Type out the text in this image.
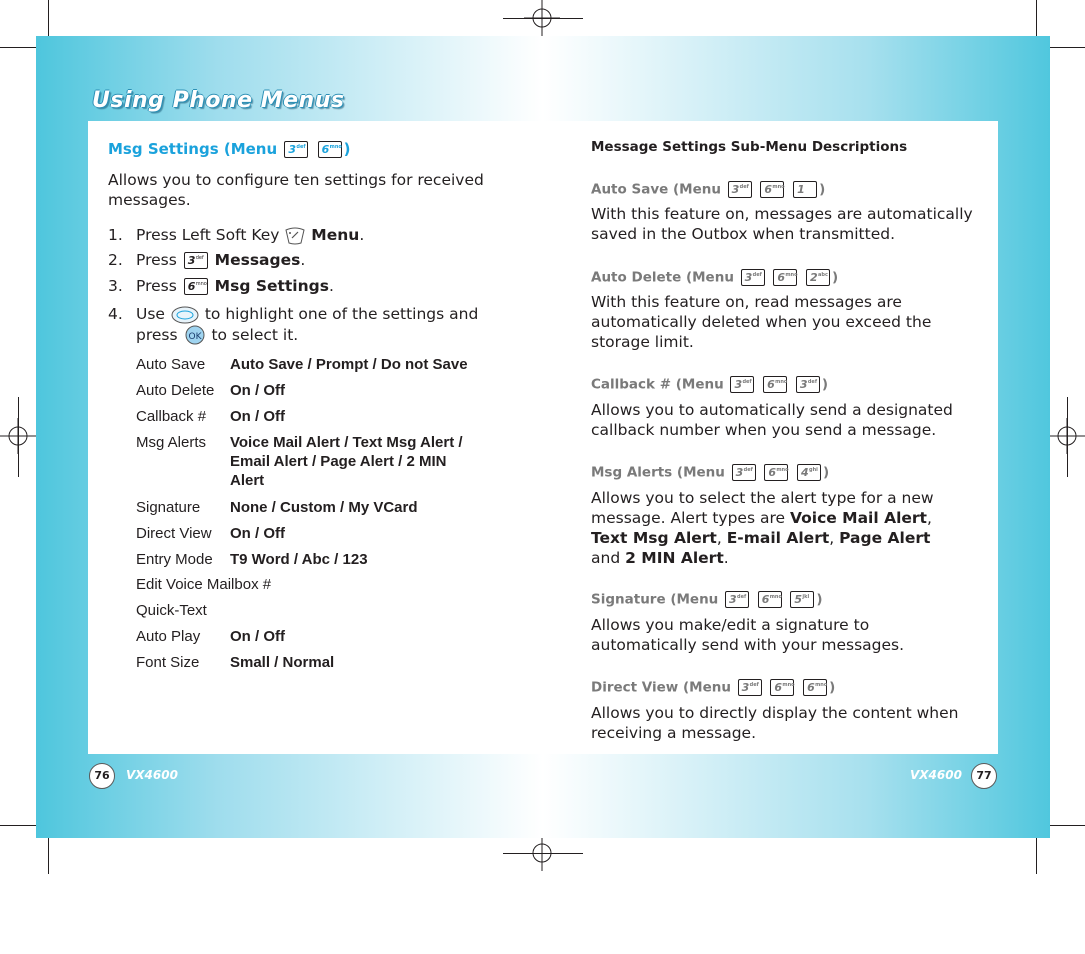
Using Phone Menus
Msg Settings (Menu 3 def
6 mno )
Allows you to configure ten settings for received messages.
1. Press Left Soft Key Menu.
2. Press 3 def Messages.
3. Press 6 mno Msg Settings.
4. Use	to highlight one of the settings and
press OK to select it.
Auto Save	Auto Save / Prompt / Do not Save
Auto Delete	On / Off
Callback #	On / Off
Msg Alerts	Voice Mail Alert / Text Msg Alert / Email Alert / Page Alert / 2 MIN Alert
Signature	None / Custom / My VCard
Direct View	On / Off
Entry Mode	T9 Word / Abc / 123
Edit Voice Mailbox #
Quick-Text
Auto Play	On / Off
Font Size	Small / Normal
Message Settings Sub-Menu Descriptions
Auto Save (Menu 3 def
6 mno
1 )
With this feature on, messages are automatically saved in the Outbox when transmitted.
Auto Delete (Menu 3 def
6 mno
2 abc )
With this feature on, read messages are automatically deleted when you exceed the storage limit.
Callback # (Menu 3 def
6 mno
3 def )
Allows you to automatically send a designated callback number when you send a message.
Msg Alerts (Menu 3 def
6 mno
4 ghi )
Allows you to select the alert type for a new message. Alert types are Voice Mail Alert, Text Msg Alert, E-mail Alert, Page Alert and 2 MIN Alert.
Signature (Menu 3 def
6 mno
5 jkl )
Allows you make/edit a signature to automatically send with your messages.
Direct View (Menu 3 def
6 mno
6 mno )
Allows you to directly display the content when receiving a message.
76	VX4600	VX4600	77
